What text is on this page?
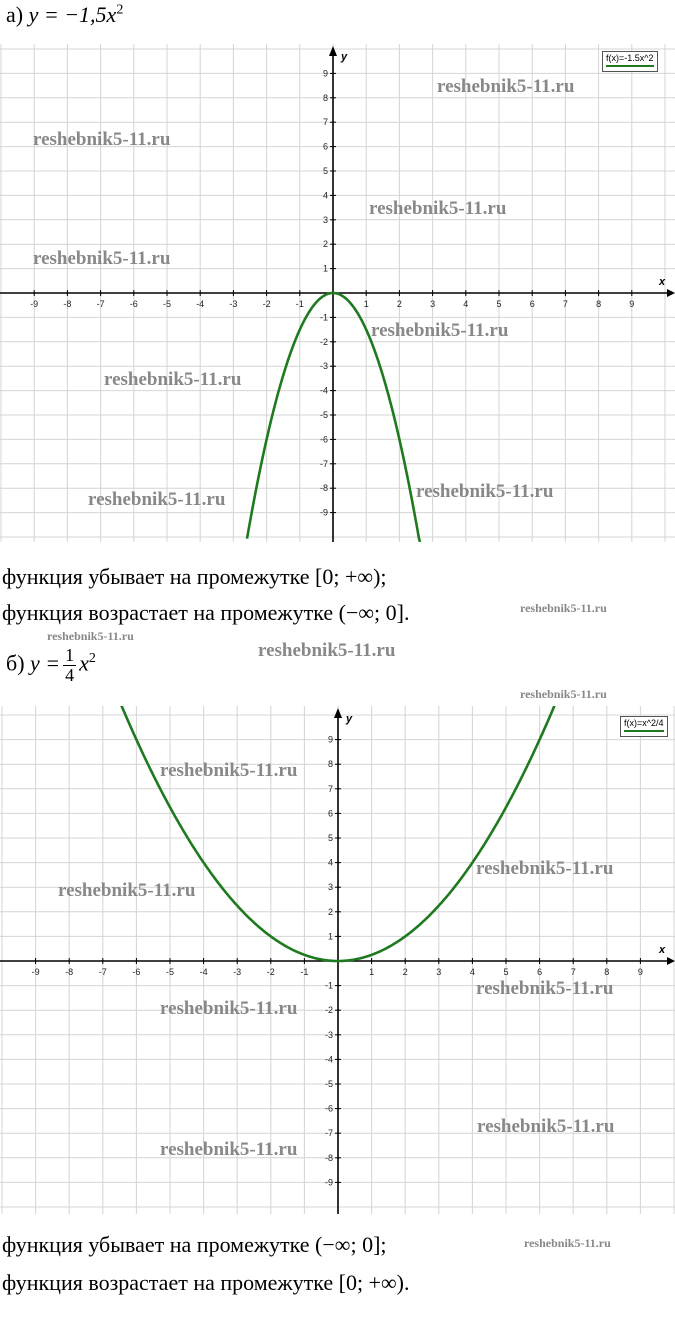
а) $y = -1,5x^2$
x
y
-9	-8	-7	-6	-5	-4	-3	-2	-1	1	2	3	4	5	6	7	8	9
9
8
7
6
5
4
3
2
1
-1
-2
-3
-4
-5
-6
-7
-8
-9
f(x)=-1.5x^2
reshebnik5-11.ru
reshebnik5-11.ru
reshebnik5-11.ru
reshebnik5-11.ru
reshebnik5-11.ru
reshebnik5-11.ru
reshebnik5-11.ru	reshebnik5-11.ru
функция убывает на промежутке [0; +∞);
функция возрастает на промежутке (−∞; 0].	reshebnik5-11.ru
reshebnik5-11.ru
reshebnik5-11.ru
б) $y = \frac{1}{4} x^2$
reshebnik5-11.ru
x
y
-9	-8	-7	-6	-5	-4	-3	-2	-1	1	2	3	4	5	6	7	8	9
9
8
7
6
5
4
3
2
1
-1
-2
-3
-4
-5
-6
-7
-8
-9
f(x)=x^2/4
reshebnik5-11.ru
reshebnik5-11.ru
reshebnik5-11.ru
reshebnik5-11.ru
reshebnik5-11.ru
reshebnik5-11.ru
reshebnik5-11.ru
функция убывает на промежутке (−∞; 0];	reshebnik5-11.ru
функция возрастает на промежутке [0; +∞).
